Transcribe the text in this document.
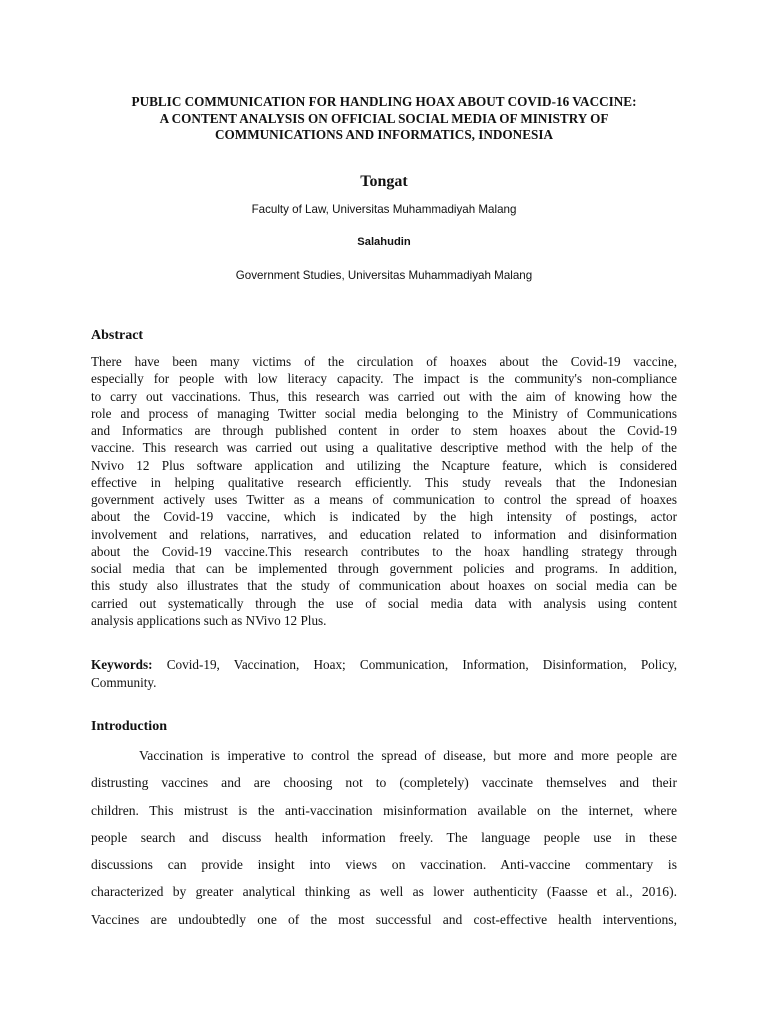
PUBLIC COMMUNICATION FOR HANDLING HOAX ABOUT COVID-16 VACCINE:
A CONTENT ANALYSIS ON OFFICIAL SOCIAL MEDIA OF MINISTRY OF
COMMUNICATIONS AND INFORMATICS, INDONESIA
Tongat
Faculty of Law, Universitas Muhammadiyah Malang
Salahudin
Government Studies, Universitas Muhammadiyah Malang
Abstract

There have been many victims of the circulation of hoaxes about the Covid-19 vaccine,
especially for people with low literacy capacity. The impact is the community's non-compliance
to carry out vaccinations. Thus, this research was carried out with the aim of knowing how the
role and process of managing Twitter social media belonging to the Ministry of Communications
and Informatics are through published content in order to stem hoaxes about the Covid-19
vaccine. This research was carried out using a qualitative descriptive method with the help of the
Nvivo 12 Plus software application and utilizing the Ncapture feature, which is considered
effective in helping qualitative research efficiently. This study reveals that the Indonesian
government actively uses Twitter as a means of communication to control the spread of hoaxes
about the Covid-19 vaccine, which is indicated by the high intensity of postings, actor
involvement and relations, narratives, and education related to information and disinformation
about the Covid-19 vaccine.This research contributes to the hoax handling strategy through
social media that can be implemented through government policies and programs. In addition,
this study also illustrates that the study of communication about hoaxes on social media can be
carried out systematically through the use of social media data with analysis using content
analysis applications such as NVivo 12 Plus.

Keywords: Covid-19, Vaccination, Hoax; Communication, Information, Disinformation, Policy,
Community.

Introduction

Vaccination is imperative to control the spread of disease, but more and more people are
distrusting vaccines and are choosing not to (completely) vaccinate themselves and their
children. This mistrust is the anti-vaccination misinformation available on the internet, where
people search and discuss health information freely. The language people use in these
discussions can provide insight into views on vaccination. Anti-vaccine commentary is
characterized by greater analytical thinking as well as lower authenticity (Faasse et al., 2016).
Vaccines are undoubtedly one of the most successful and cost-effective health interventions,
